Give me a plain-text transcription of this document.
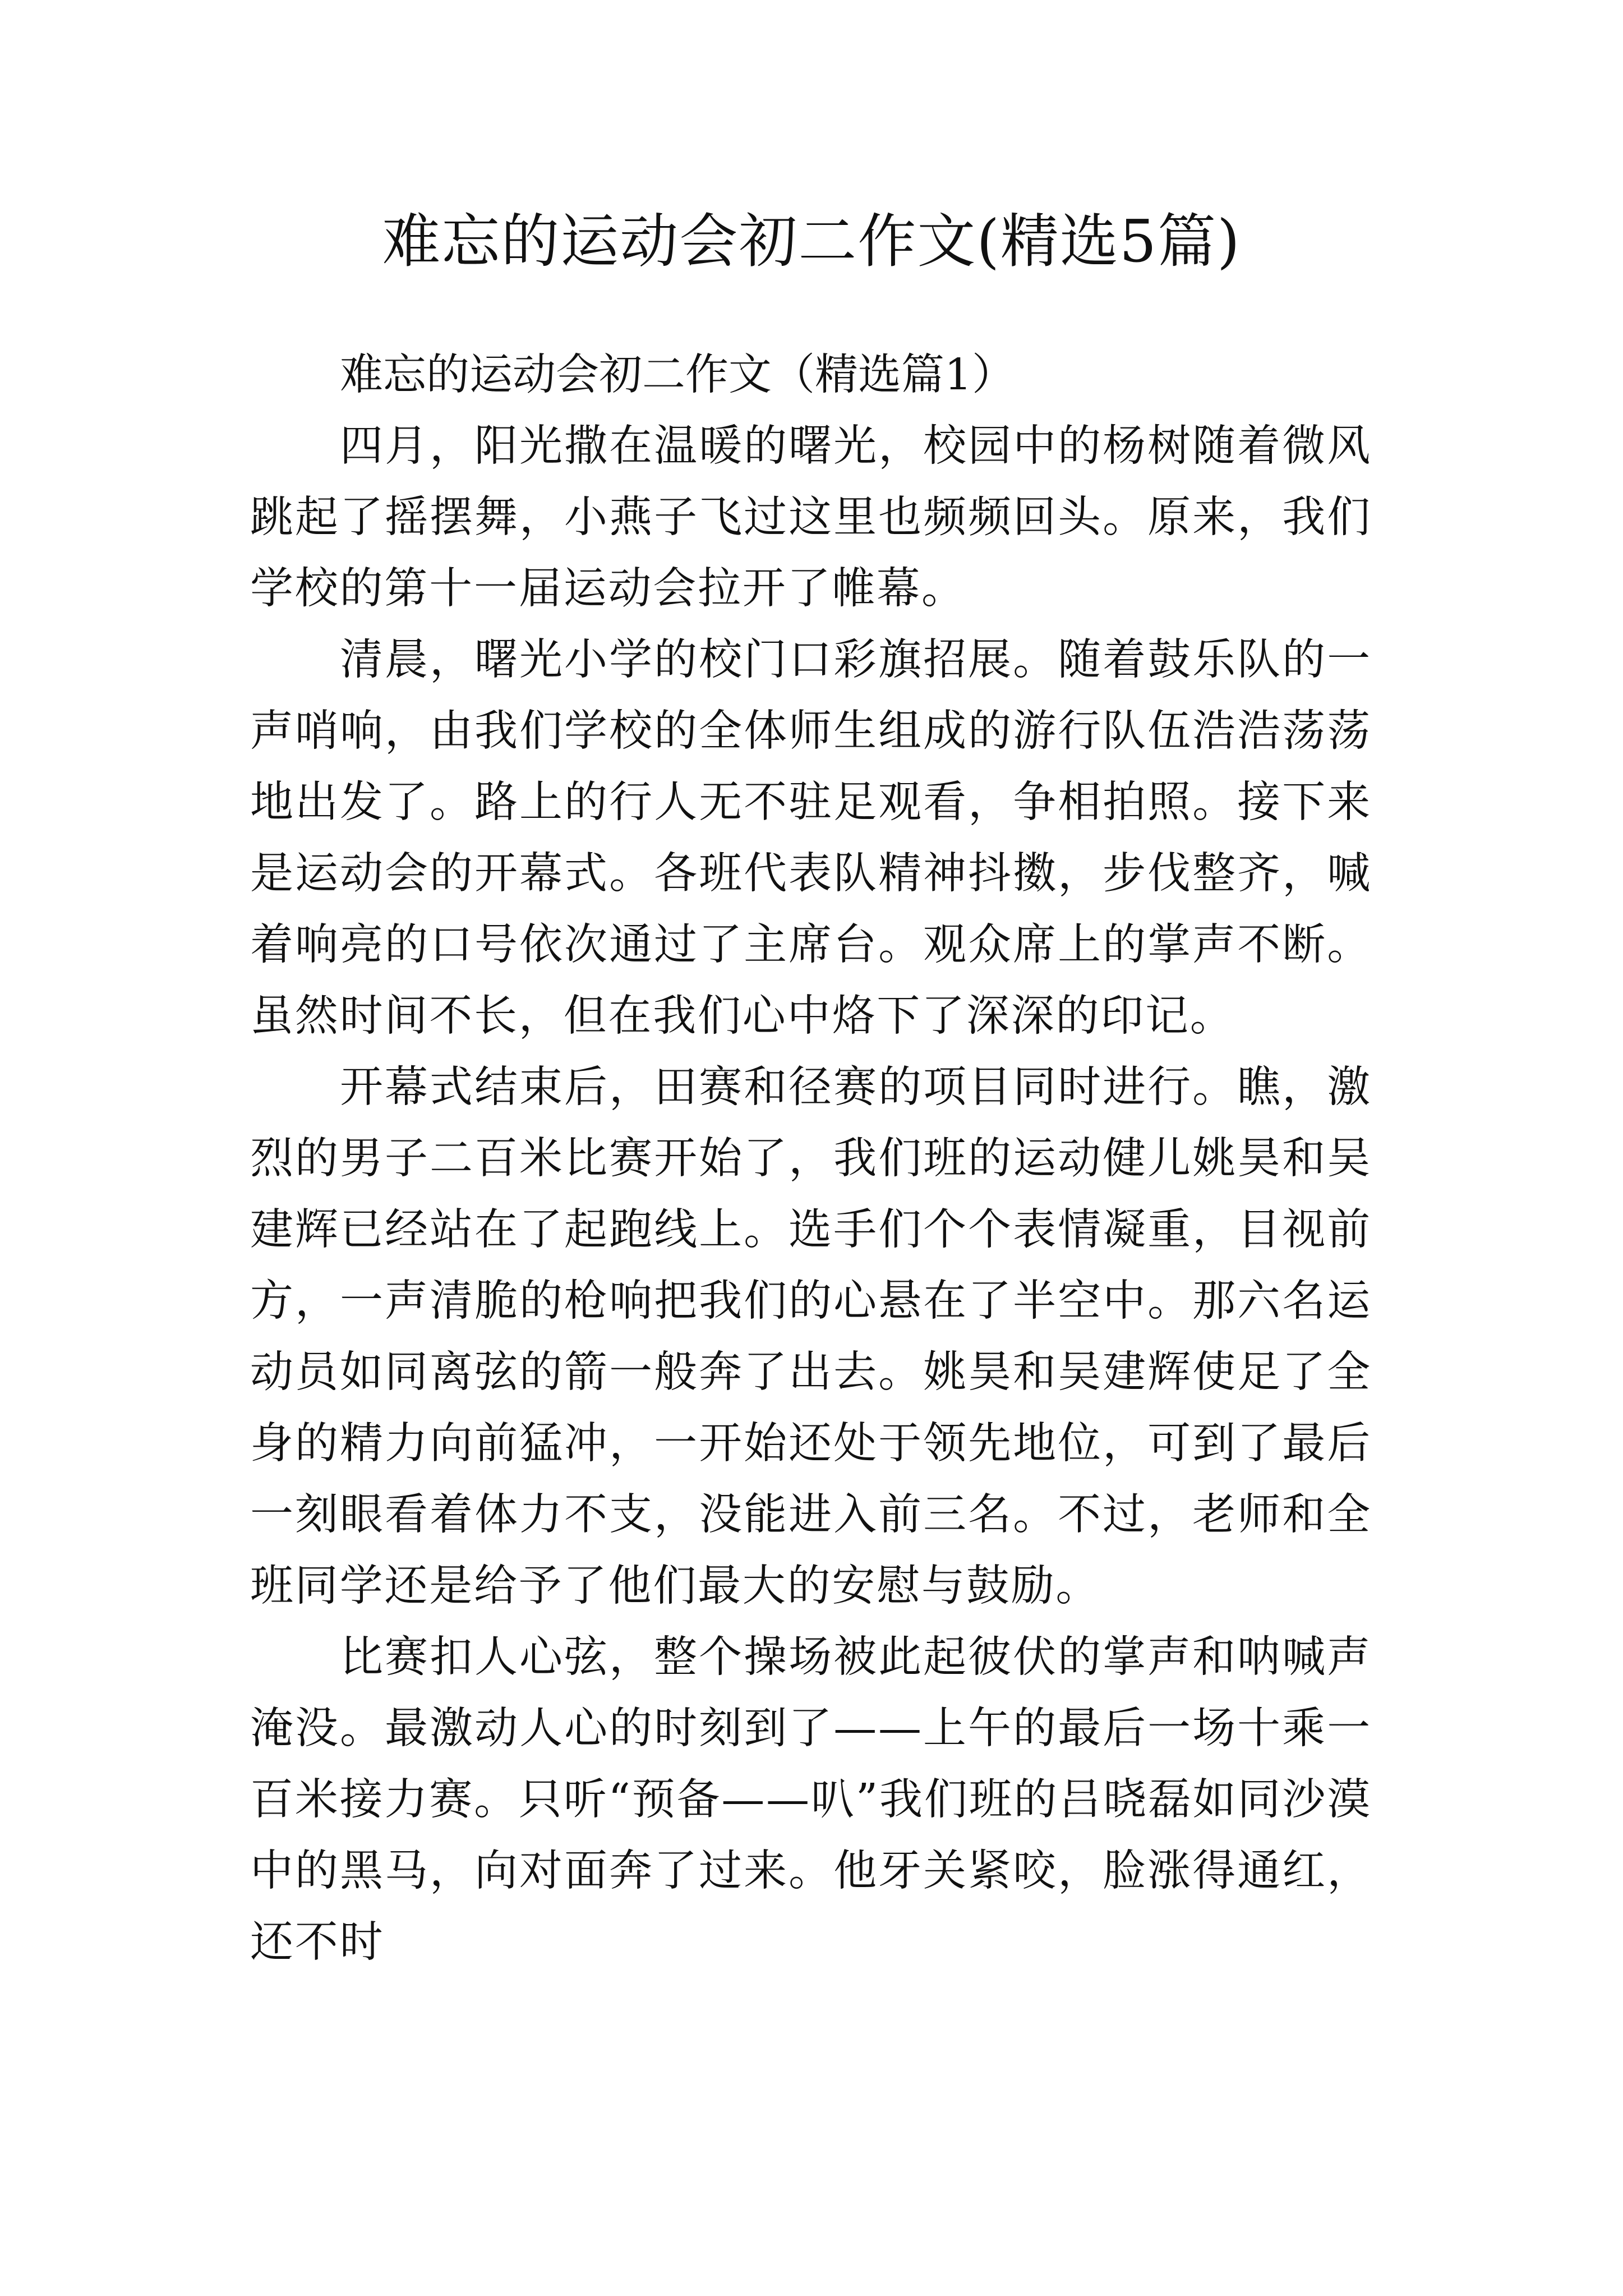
难忘的运动会初二作文(精选5篇)

难忘的运动会初二作文（精选篇1）

四月，阳光撒在温暖的曙光，校园中的杨树随着微风跳起了摇摆舞，小燕子飞过这里也频频回头。原来，我们学校的第十一届运动会拉开了帷幕。

清晨，曙光小学的校门口彩旗招展。随着鼓乐队的一声哨响，由我们学校的全体师生组成的游行队伍浩浩荡荡地出发了。路上的行人无不驻足观看，争相拍照。接下来是运动会的开幕式。各班代表队精神抖擞，步伐整齐，喊着响亮的口号依次通过了主席台。观众席上的掌声不断。虽然时间不长，但在我们心中烙下了深深的印记。

开幕式结束后，田赛和径赛的项目同时进行。瞧，激烈的男子二百米比赛开始了，我们班的运动健儿姚昊和吴建辉已经站在了起跑线上。选手们个个表情凝重，目视前方，一声清脆的枪响把我们的心悬在了半空中。那六名运动员如同离弦的箭一般奔了出去。姚昊和吴建辉使足了全身的精力向前猛冲，一开始还处于领先地位，可到了最后一刻眼看着体力不支，没能进入前三名。不过，老师和全班同学还是给予了他们最大的安慰与鼓励。

比赛扣人心弦，整个操场被此起彼伏的掌声和呐喊声淹没。最激动人心的时刻到了——上午的最后一场十乘一百米接力赛。只听“预备——叭”我们班的吕晓磊如同沙漠中的黑马，向对面奔了过来。他牙关紧咬，脸涨得通红，还不时
